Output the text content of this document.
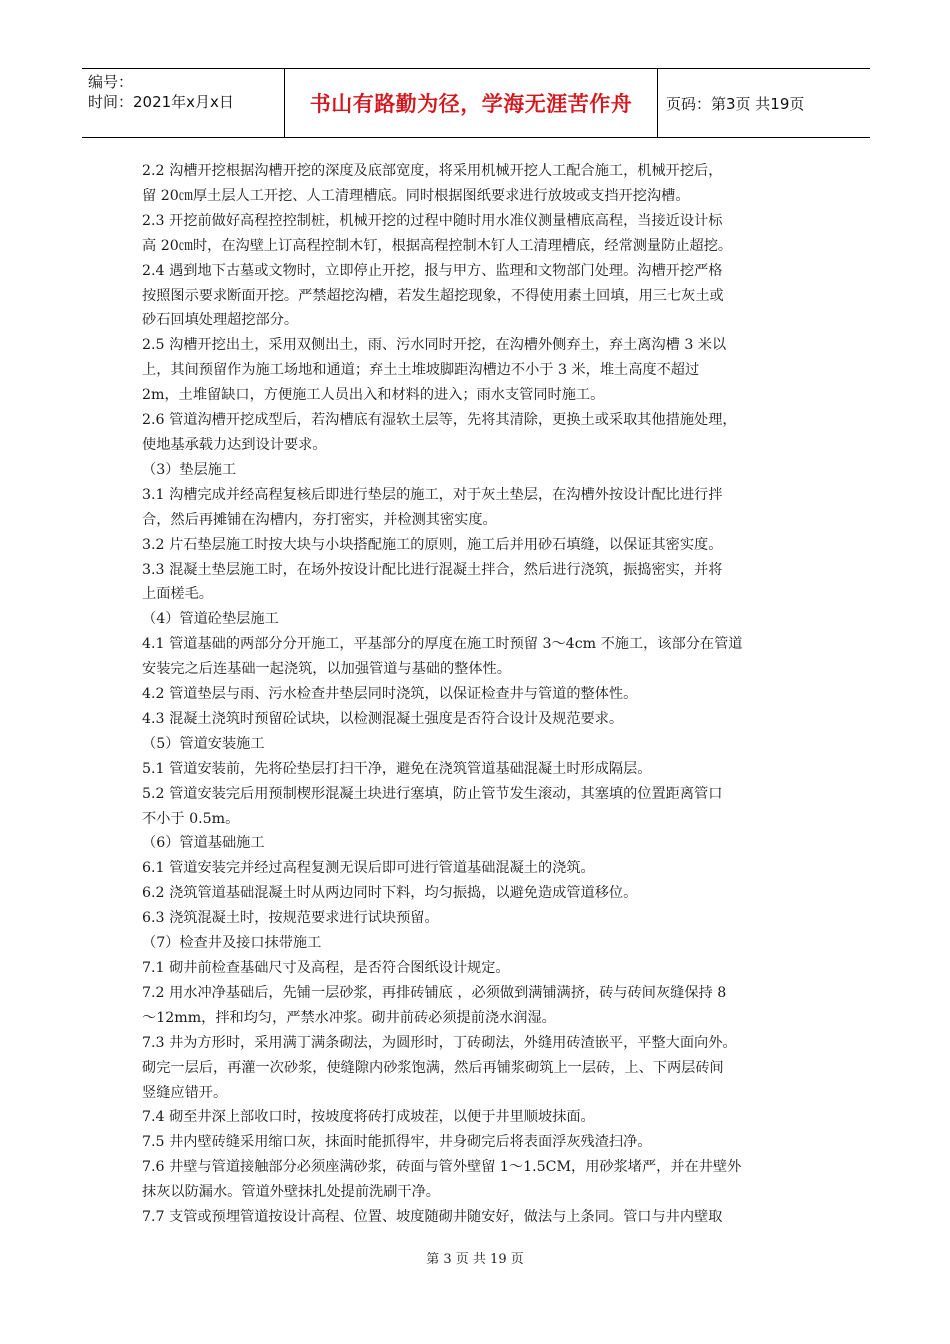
编号：
时间：2021年x月x日	书山有路勤为径，学海无涯苦作舟	页码：第3页 共19页

2.2 沟槽开挖根据沟槽开挖的深度及底部宽度，将采用机械开挖人工配合施工，机械开挖后，

留 20㎝厚土层人工开挖、人工清理槽底。同时根据图纸要求进行放坡或支挡开挖沟槽。

2.3 开挖前做好高程控控制桩，机械开挖的过程中随时用水准仪测量槽底高程，当接近设计标

高 20㎝时，在沟壁上订高程控制木钉，根据高程控制木钉人工清理槽底，经常测量防止超挖。

2.4 遇到地下古墓或文物时，立即停止开挖，报与甲方、监理和文物部门处理。沟槽开挖严格

按照图示要求断面开挖。严禁超挖沟槽，若发生超挖现象，不得使用素土回填，用三七灰土或

砂石回填处理超挖部分。

2.5 沟槽开挖出土，采用双侧出土，雨、污水同时开挖，在沟槽外侧弃土，弃土离沟槽 3 米以

上，其间预留作为施工场地和通道；弃土土堆坡脚距沟槽边不小于 3 米，堆土高度不超过

2m，土堆留缺口，方便施工人员出入和材料的进入；雨水支管同时施工。

2.6 管道沟槽开挖成型后，若沟槽底有湿软土层等，先将其清除，更换土或采取其他措施处理，

使地基承载力达到设计要求。

（3）垫层施工

3.1 沟槽完成并经高程复核后即进行垫层的施工，对于灰土垫层，在沟槽外按设计配比进行拌

合，然后再摊铺在沟槽内，夯打密实，并检测其密实度。

3.2 片石垫层施工时按大块与小块搭配施工的原则，施工后并用砂石填缝，以保证其密实度。

3.3 混凝土垫层施工时，在场外按设计配比进行混凝土拌合，然后进行浇筑，振捣密实，并将

上面槎毛。

（4）管道砼垫层施工

4.1 管道基础的两部分分开施工，平基部分的厚度在施工时预留 3～4cm 不施工，该部分在管道

安装完之后连基础一起浇筑，以加强管道与基础的整体性。

4.2 管道垫层与雨、污水检查井垫层同时浇筑，以保证检查井与管道的整体性。

4.3 混凝土浇筑时预留砼试块，以检测混凝土强度是否符合设计及规范要求。

（5）管道安装施工

5.1 管道安装前，先将砼垫层打扫干净，避免在浇筑管道基础混凝土时形成隔层。

5.2 管道安装完后用预制楔形混凝土块进行塞填，防止管节发生滚动，其塞填的位置距离管口

不小于 0.5m。

（6）管道基础施工

6.1 管道安装完并经过高程复测无误后即可进行管道基础混凝土的浇筑。

6.2 浇筑管道基础混凝土时从两边同时下料，均匀振捣，以避免造成管道移位。

6.3 浇筑混凝土时，按规范要求进行试块预留。

（7）检查井及接口抹带施工

7.1 砌井前检查基础尺寸及高程，是否符合图纸设计规定。

7.2 用水冲净基础后，先铺一层砂浆，再排砖铺底 ，必须做到满铺满挤，砖与砖间灰缝保持 8

～12mm，拌和均匀，严禁水冲浆。砌井前砖必须提前浇水润湿。

7.3 井为方形时，采用满丁满条砌法，为圆形时，丁砖砌法，外缝用砖渣嵌平，平整大面向外。

砌完一层后，再灌一次砂浆，使缝隙内砂浆饱满，然后再铺浆砌筑上一层砖，上、下两层砖间

竖缝应错开。

7.4 砌至井深上部收口时，按坡度将砖打成坡茬，以便于井里顺坡抹面。

7.5 井内壁砖缝采用缩口灰，抹面时能抓得牢，井身砌完后将表面浮灰残渣扫净。

7.6 井壁与管道接触部分必须座满砂浆，砖面与管外壁留 1～1.5CM，用砂浆堵严，并在井壁外

抹灰以防漏水。管道外壁抹扎处提前洗刷干净。

7.7 支管或预埋管道按设计高程、位置、坡度随砌井随安好，做法与上条同。管口与井内壁取

第 3 页 共 19 页
